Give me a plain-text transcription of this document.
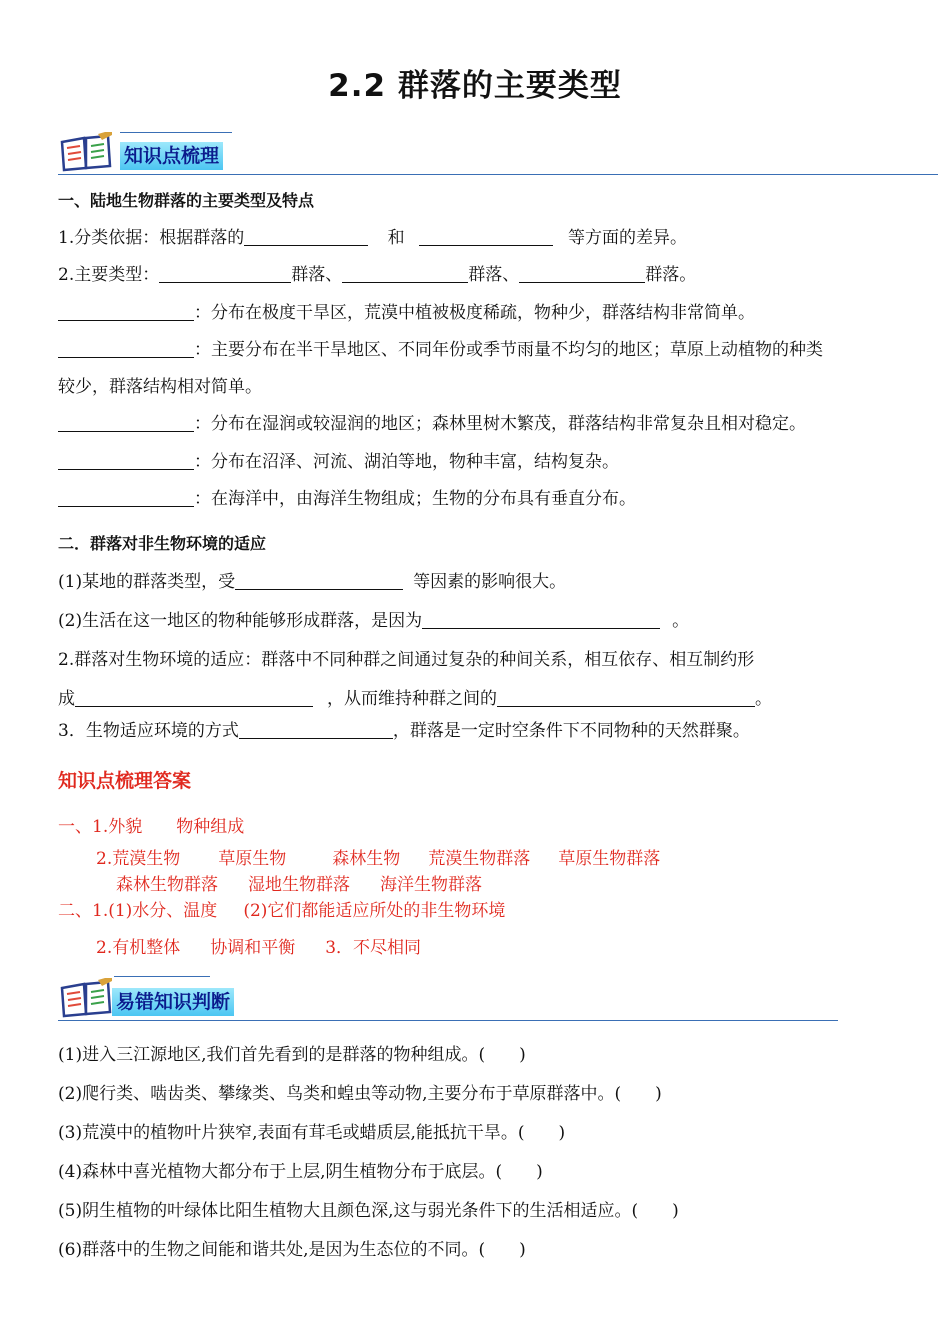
2.2 群落的主要类型
知识点梳理
一、陆地生物群落的主要类型及特点
1.分类依据：根据群落的	和	等方面的差异。
2.主要类型：	群落、	群落、	群落。
：分布在极度干旱区，荒漠中植被极度稀疏，物种少，群落结构非常简单。
：主要分布在半干旱地区、不同年份或季节雨量不均匀的地区；草原上动植物的种类
较少，群落结构相对简单。
：分布在湿润或较湿润的地区；森林里树木繁茂，群落结构非常复杂且相对稳定。
：分布在沼泽、河流、湖泊等地，物种丰富，结构复杂。
：在海洋中，由海洋生物组成；生物的分布具有垂直分布。
二．群落对非生物环境的适应
(1)某地的群落类型，受	等因素的影响很大。
(2)生活在这一地区的物种能够形成群落，是因为	。
2.群落对生物环境的适应：群落中不同种群之间通过复杂的种间关系，相互依存、相互制约形
成	，从而维持种群之间的	。
3．生物适应环境的方式	，群落是一定时空条件下不同物种的天然群聚。
知识点梳理答案
一、1.外貌 物种组成
2.荒漠生物 草原生物	森林生物 荒漠生物群落 草原生物群落
森林生物群落 湿地生物群落 海洋生物群落
二、1.(1)水分、温度 (2)它们都能适应所处的非生物环境
2.有机整体 协调和平衡 3．不尽相同
易错知识判断
(1)进入三江源地区,我们首先看到的是群落的物种组成。(　　)
(2)爬行类、啮齿类、攀缘类、鸟类和蝗虫等动物,主要分布于草原群落中。(　　)
(3)荒漠中的植物叶片狭窄,表面有茸毛或蜡质层,能抵抗干旱。(　　)
(4)森林中喜光植物大都分布于上层,阴生植物分布于底层。(　　)
(5)阴生植物的叶绿体比阳生植物大且颜色深,这与弱光条件下的生活相适应。(　　)
(6)群落中的生物之间能和谐共处,是因为生态位的不同。(　　)
